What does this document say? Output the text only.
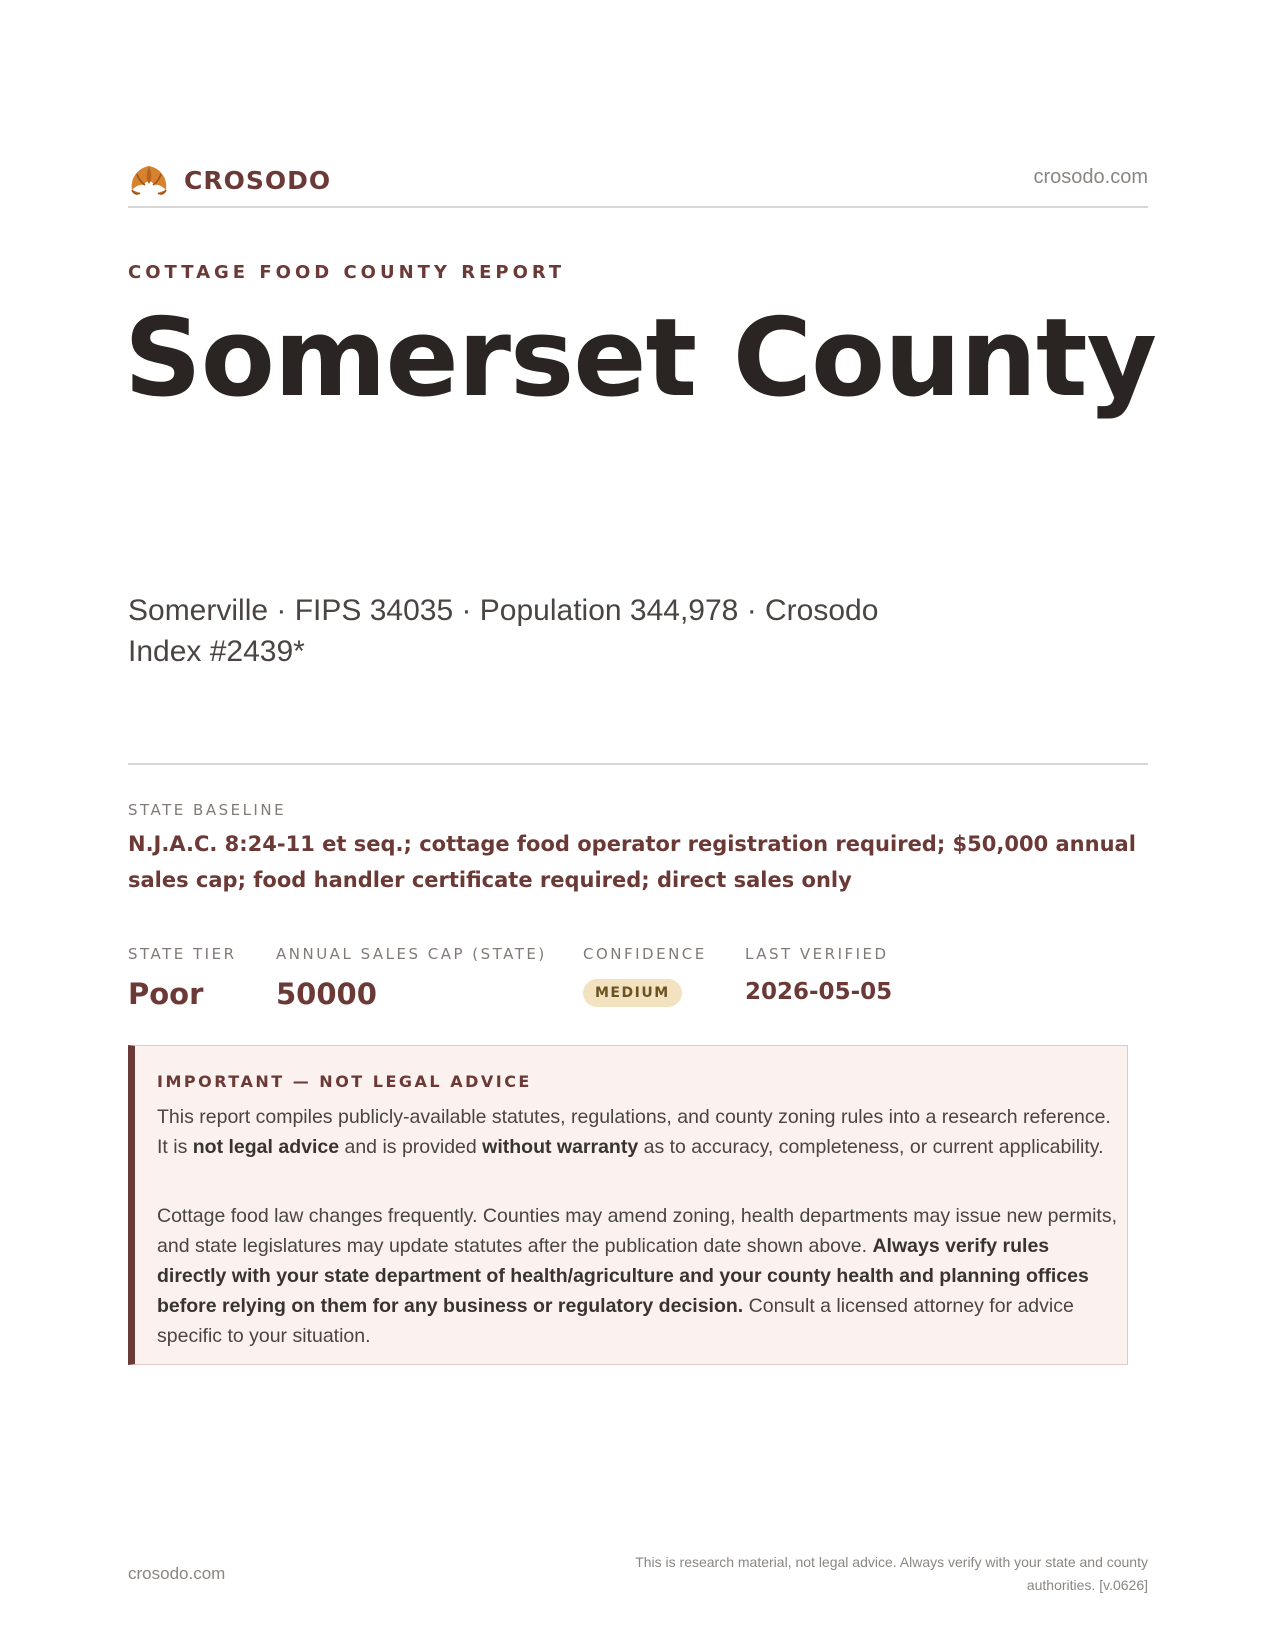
CROSODO	crosodo.com
COTTAGE FOOD COUNTY REPORT
Somerset County
Somerville · FIPS 34035 · Population 344,978 · Crosodo Index #2439*
STATE BASELINE
N.J.A.C. 8:24-11 et seq.; cottage food operator registration required; $50,000 annual sales cap; food handler certificate required; direct sales only
STATE TIER
Poor
ANNUAL SALES CAP (STATE)
50000
CONFIDENCE
MEDIUM
LAST VERIFIED
2026-05-05
IMPORTANT — NOT LEGAL ADVICE
This report compiles publicly-available statutes, regulations, and county zoning rules into a research reference. It is not legal advice and is provided without warranty as to accuracy, completeness, or current applicability.
Cottage food law changes frequently. Counties may amend zoning, health departments may issue new permits, and state legislatures may update statutes after the publication date shown above. Always verify rules directly with your state department of health/agriculture and your county health and planning offices before relying on them for any business or regulatory decision. Consult a licensed attorney for advice specific to your situation.
crosodo.com
This is research material, not legal advice. Always verify with your state and county authorities. [v.0626]
